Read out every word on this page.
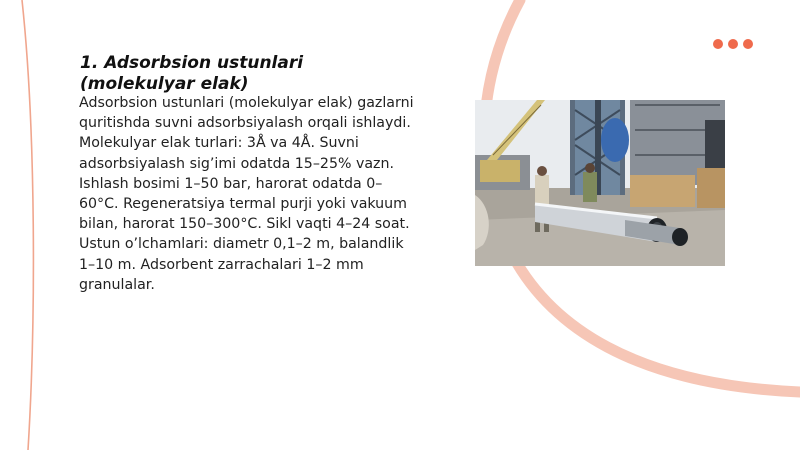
1. Adsorbsion ustunlari (molekulyar elak)

Adsorbsion ustunlari (molekulyar elak) gazlarni quritishda suvni adsorbsiyalash orqali ishlaydi. Molekulyar elak turlari: 3Å va 4Å. Suvni adsorbsiyalash sig’imi odatda 15–25% vazn. Ishlash bosimi 1–50 bar, harorat odatda 0–60°C. Regeneratsiya termal purji yoki vakuum bilan, harorat 150–300°C. Sikl vaqti 4–24 soat. Ustun o’lchamlari: diametr 0,1–2 m, balandlik 1–10 m. Adsorbent zarrachalari 1–2 mm granulalar.
